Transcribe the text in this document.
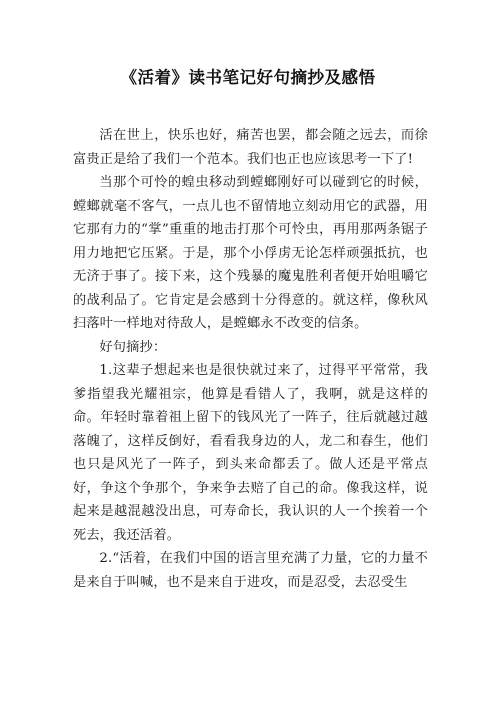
《活着》读书笔记好句摘抄及感悟

活在世上，快乐也好，痛苦也罢，都会随之远去，而徐富贵正是给了我们一个范本。我们也正也应该思考一下了!

当那个可怜的蝗虫移动到螳螂刚好可以碰到它的时候，螳螂就毫不客气，一点儿也不留情地立刻动用它的武器，用它那有力的“掌”重重的地击打那个可怜虫，再用那两条锯子用力地把它压紧。于是，那个小俘虏无论怎样顽强抵抗，也无济于事了。接下来，这个残暴的魔鬼胜利者便开始咀嚼它的战利品了。它肯定是会感到十分得意的。就这样，像秋风扫落叶一样地对待敌人，是螳螂永不改变的信条。

好句摘抄：

1.这辈子想起来也是很快就过来了，过得平平常常，我爹指望我光耀祖宗，他算是看错人了，我啊，就是这样的命。年轻时靠着祖上留下的钱风光了一阵子，往后就越过越落魄了，这样反倒好，看看我身边的人，龙二和春生，他们也只是风光了一阵子，到头来命都丢了。做人还是平常点好，争这个争那个，争来争去赔了自己的命。像我这样，说起来是越混越没出息，可寿命长，我认识的人一个挨着一个死去，我还活着。

2.“活着，在我们中国的语言里充满了力量，它的力量不是来自于叫喊，也不是来自于进攻，而是忍受，去忍受生
